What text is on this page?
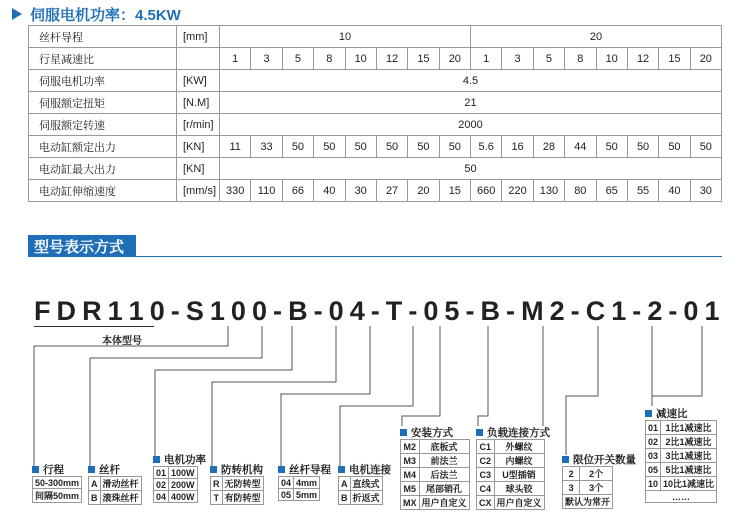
伺服电机功率：4.5KW
丝杆导程	[mm]	10								20							
行星减速比		1	3	5	8	10	12	15	20	1	3	5	8	10	12	15	20
伺服电机功率	[KW]	4.5															
伺服额定扭矩	[N.M]	21															
伺服额定转速	[r/min]	2000															
电动缸额定出力	[KN]	11	33	50	50	50	50	50	50	5.6	16	28	44	50	50	50	50
电动缸最大出力	[KN]	50															
电动缸伸缩速度	[mm/s]	330	110	66	40	30	27	20	15	660	220	130	80	65	55	40	30
型号表示方式
F D R 1 1 0 - S 1 0 0 - B - 0 4 - T - 0 5 - B - M 2 - C 1 - 2 - 0 1
本体型号
行程
50-300mm
间隔50mm
丝杆
A	滑动丝杆
B	滚珠丝杆
电机功率
01	100W
02	200W
04	400W
防转机构
R	无防转型
T	有防转型
丝杆导程
04	4mm
05	5mm
电机连接
A	直线式
B	折返式
安装方式
M2	底板式
M3	前法兰
M4	后法兰
M5	尾部销孔
MX	用户自定义
负载连接方式
C1	外螺纹
C2	内螺纹
C3	U型插销
C4	球头铰
CX	用户自定义
限位开关数量
2	2个
3	3个
默认为常开	
减速比
01	1比1减速比
02	2比1减速比
03	3比1减速比
05	5比1减速比
10	10比1减速比
……	
